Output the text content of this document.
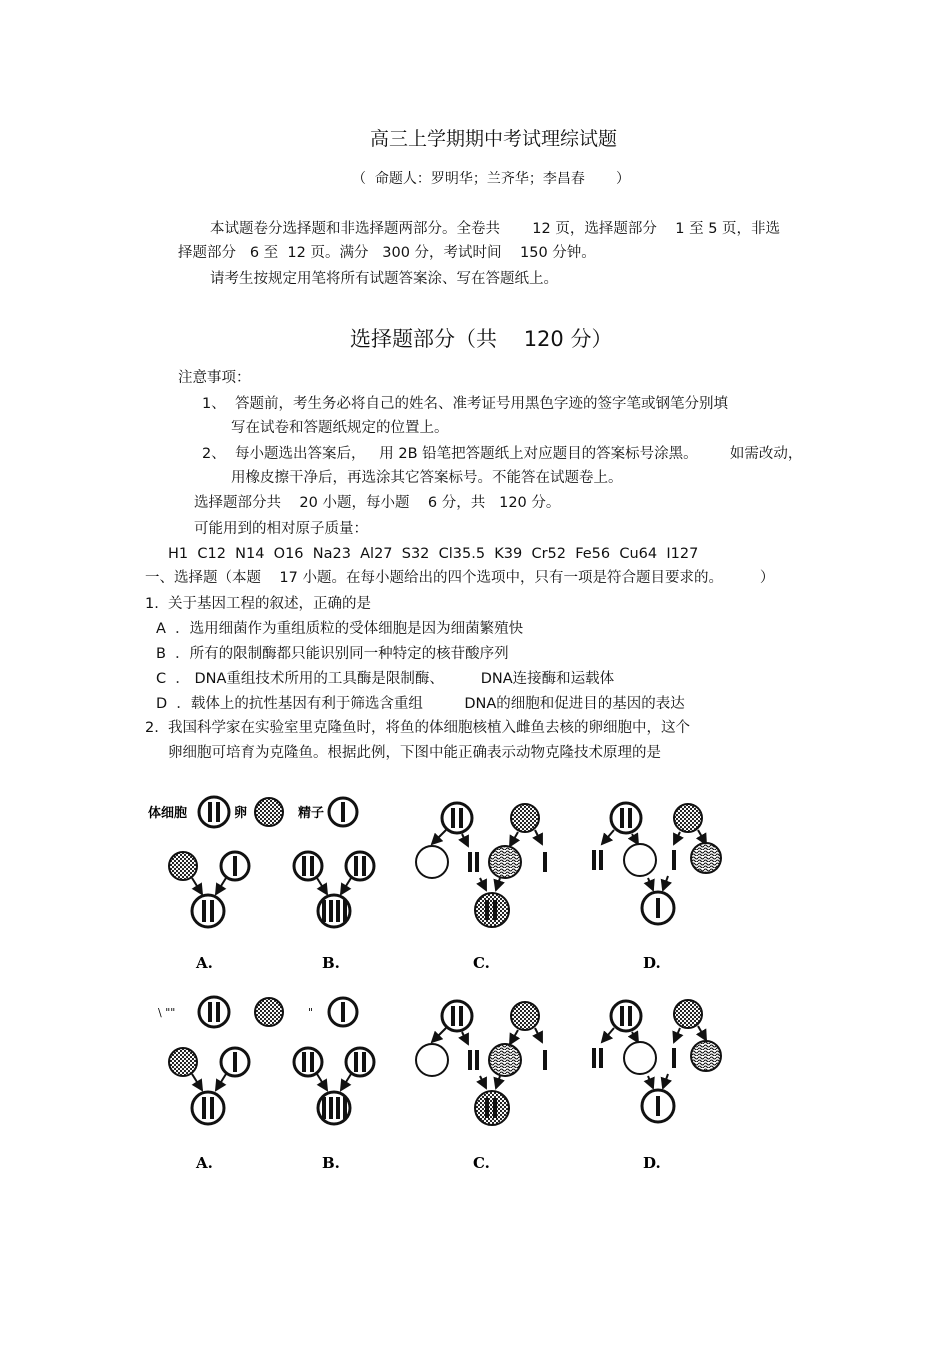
高三上学期期中考试理综试题
（  命题人：罗明华；兰齐华；李昌春       ）
本试题卷分选择题和非选择题两部分。全卷共       12 页，选择题部分    1 至 5 页，非选
择题部分   6 至  12 页。满分   300 分，考试时间    150 分钟。
请考生按规定用笔将所有试题答案涂、写在答题纸上。
选择题部分（共    120 分）
注意事项：
1、  答题前，考生务必将自己的姓名、准考证号用黑色字迹的签字笔或钢笔分别填
写在试卷和答题纸规定的位置上。
2、  每小题选出答案后，   用 2B 铅笔把答题纸上对应题目的答案标号涂黑。       如需改动，
用橡皮擦干净后，再选涂其它答案标号。不能答在试题卷上。
选择题部分共    20 小题，每小题    6 分，共   120 分。
可能用到的相对原子质量：
H1  C12  N14  O16  Na23  Al27  S32  Cl35.5  K39  Cr52  Fe56  Cu64  I127
一、选择题（本题    17 小题。在每小题给出的四个选项中，只有一项是符合题目要求的。        ）
1.  关于基因工程的叙述，正确的是
A  ．选用细菌作为重组质粒的受体细胞是因为细菌繁殖快
B  ．所有的限制酶都只能识别同一种特定的核苷酸序列
C  ． DNA重组技术所用的工具酶是限制酶、        DNA连接酶和运载体
D  ．载体上的抗性基因有利于筛选含重组         DNA的细胞和促进目的基因的表达
2.  我国科学家在实验室里克隆鱼时，将鱼的体细胞核植入雌鱼去核的卵细胞中，这个
卵细胞可培育为克隆鱼。根据此例，下图中能正确表示动物克隆技术原理的是
体细胞	卵	精子
A.	B.	C.	D.
\ ""	"
A.	B.	C.	D.
